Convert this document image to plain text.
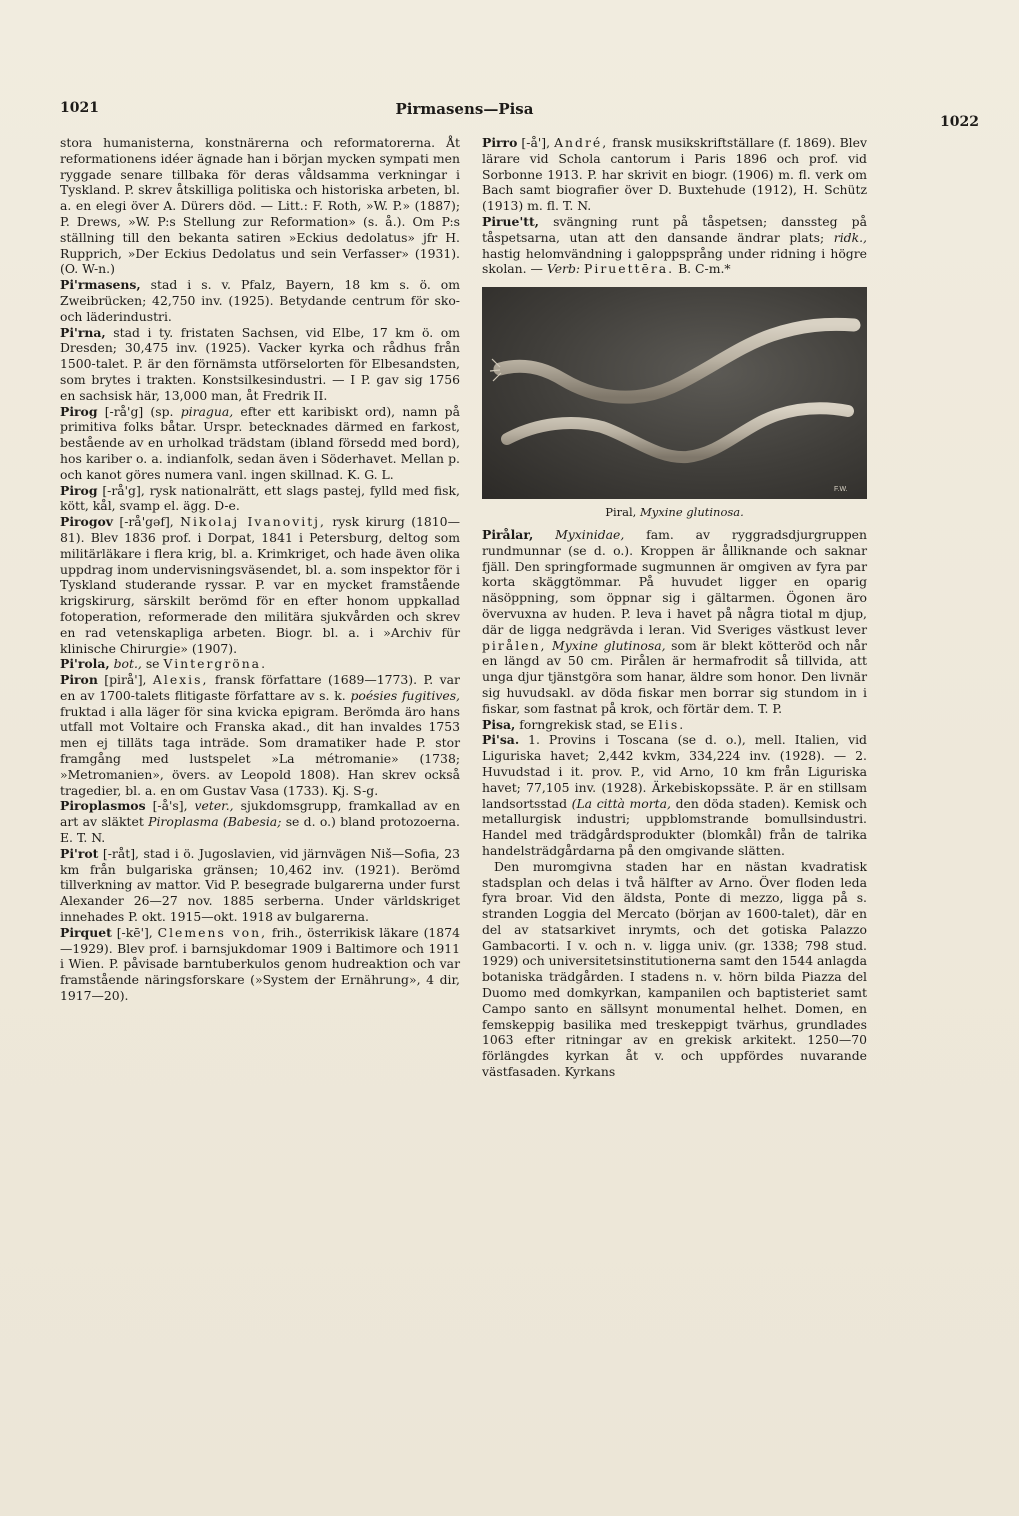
1021	Pirmasens—Pisa
1022

stora humanisterna, konstnärerna och reformatorerna. Åt reformationens idéer ägnade han i början mycken sympati men ryggade senare tillbaka för deras våldsamma verkningar i Tyskland. P. skrev åtskilliga politiska och historiska arbeten, bl. a. en elegi över A. Dürers död. — Litt.: F. Roth, »W. P.» (1887); P. Drews, »W. P:s Stellung zur Reformation» (s. å.). Om P:s ställning till den bekanta satiren »Eckius dedolatus» jfr H. Rupprich, »Der Eckius Dedolatus und sein Verfasser» (1931). (O. W-n.)

Pi'rmasens, stad i s. v. Pfalz, Bayern, 18 km s. ö. om Zweibrücken; 42,750 inv. (1925). Betydande centrum för sko- och läderindustri.

Pi'rna, stad i ty. fristaten Sachsen, vid Elbe, 17 km ö. om Dresden; 30,475 inv. (1925). Vacker kyrka och rådhus från 1500-talet. P. är den förnämsta utförselorten för Elbesandsten, som brytes i trakten. Konstsilkesindustri. — I P. gav sig 1756 en sachsisk här, 13,000 man, åt Fredrik II.

Pirog [-rå'g] (sp. piragua, efter ett karibiskt ord), namn på primitiva folks båtar. Urspr. betecknades därmed en farkost, bestående av en urholkad trädstam (ibland försedd med bord), hos kariber o. a. indianfolk, sedan även i Söderhavet. Mellan p. och kanot göres numera vanl. ingen skillnad. K. G. L.

Pirog [-rå'g], rysk nationalrätt, ett slags pastej, fylld med fisk, kött, kål, svamp el. ägg. D-e.

Pirogov [-rå'gəf], Nikolaj Ivanovitj, rysk kirurg (1810—81). Blev 1836 prof. i Dorpat, 1841 i Petersburg, deltog som militärläkare i flera krig, bl. a. Krimkriget, och hade även olika uppdrag inom undervisningsväsendet, bl. a. som inspektor för i Tyskland studerande ryssar. P. var en mycket framstående krigskirurg, särskilt berömd för en efter honom uppkallad fotoperation, reformerade den militära sjukvården och skrev en rad vetenskapliga arbeten. Biogr. bl. a. i »Archiv für klinische Chirurgie» (1907).

Pi'rola, bot., se Vintergröna.

Piron [pirå'], Alexis, fransk författare (1689—1773). P. var en av 1700-talets flitigaste författare av s. k. poésies fugitives, fruktad i alla läger för sina kvicka epigram. Berömda äro hans utfall mot Voltaire och Franska akad., dit han invaldes 1753 men ej tilläts taga inträde. Som dramatiker hade P. stor framgång med lustspelet »La métromanie» (1738; »Metromanien», övers. av Leopold 1808). Han skrev också tragedier, bl. a. en om Gustav Vasa (1733). Kj. S-g.

Piroplasmos [-å's], veter., sjukdomsgrupp, framkallad av en art av släktet Piroplasma (Babesia; se d. o.) bland protozoerna. E. T. N.

Pi'rot [-råt], stad i ö. Jugoslavien, vid järnvägen Niš—Sofia, 23 km från bulgariska gränsen; 10,462 inv. (1921). Berömd tillverkning av mattor. Vid P. besegrade bulgarerna under furst Alexander 26—27 nov. 1885 serberna. Under världskriget innehades P. okt. 1915—okt. 1918 av bulgarerna.

Pirquet [-kē'], Clemens von, frih., österrikisk läkare (1874—1929). Blev prof. i barnsjukdomar 1909 i Baltimore och 1911 i Wien. P. påvisade barntuberkulos genom hudreaktion och var framstående näringsforskare (»System der Ernährung», 4 dir, 1917—20).

Pirro [-å'], André, fransk musikskriftställare (f. 1869). Blev lärare vid Schola cantorum i Paris 1896 och prof. vid Sorbonne 1913. P. har skrivit en biogr. (1906) m. fl. verk om Bach samt biografier över D. Buxtehude (1912), H. Schütz (1913) m. fl. T. N.

Pirue'tt, svängning runt på tåspetsen; danssteg på tåspetsarna, utan att den dansande ändrar plats; ridk., hastig helomvändning i galoppsprång under ridning i högre skolan. — Verb: Piruettēra. B. C-m.*

F.W.
Piral, Myxine glutinosa.

Pirålar, Myxinidae, fam. av ryggradsdjurgruppen rundmunnar (se d. o.). Kroppen är ålliknande och saknar fjäll. Den springformade sugmunnen är omgiven av fyra par korta skäggtömmar. På huvudet ligger en oparig näsöppning, som öppnar sig i gältarmen. Ögonen äro övervuxna av huden. P. leva i havet på några tiotal m djup, där de ligga nedgrävda i leran. Vid Sveriges västkust lever pirålen, Myxine glutinosa, som är blekt kötteröd och når en längd av 50 cm. Pirålen är hermafrodit så tillvida, att unga djur tjänstgöra som hanar, äldre som honor. Den livnär sig huvudsakl. av döda fiskar men borrar sig stundom in i fiskar, som fastnat på krok, och förtär dem. T. P.

Pisa, forngrekisk stad, se Elis.

Pi'sa. 1. Provins i Toscana (se d. o.), mell. Italien, vid Liguriska havet; 2,442 kvkm, 334,224 inv. (1928). — 2. Huvudstad i it. prov. P., vid Arno, 10 km från Liguriska havet; 77,105 inv. (1928). Ärkebiskopssäte. P. är en stillsam landsortsstad (La città morta, den döda staden). Kemisk och metallurgisk industri; uppblomstrande bomullsindustri. Handel med trädgårdsprodukter (blomkål) från de talrika handelsträdgårdarna på den omgivande slätten.

Den muromgivna staden har en nästan kvadratisk stadsplan och delas i två hälfter av Arno. Över floden leda fyra broar. Vid den äldsta, Ponte di mezzo, ligga på s. stranden Loggia del Mercato (början av 1600-talet), där en del av statsarkivet inrymts, och det gotiska Palazzo Gambacorti. I v. och n. v. ligga univ. (gr. 1338; 798 stud. 1929) och universitetsinstitutionerna samt den 1544 anlagda botaniska trädgården. I stadens n. v. hörn bilda Piazza del Duomo med domkyrkan, kampanilen och baptisteriet samt Campo santo en sällsynt monumental helhet. Domen, en femskeppig basilika med treskeppigt tvärhus, grundlades 1063 efter ritningar av en grekisk arkitekt. 1250—70 förlängdes kyrkan åt v. och uppfördes nuvarande västfasaden. Kyrkans
